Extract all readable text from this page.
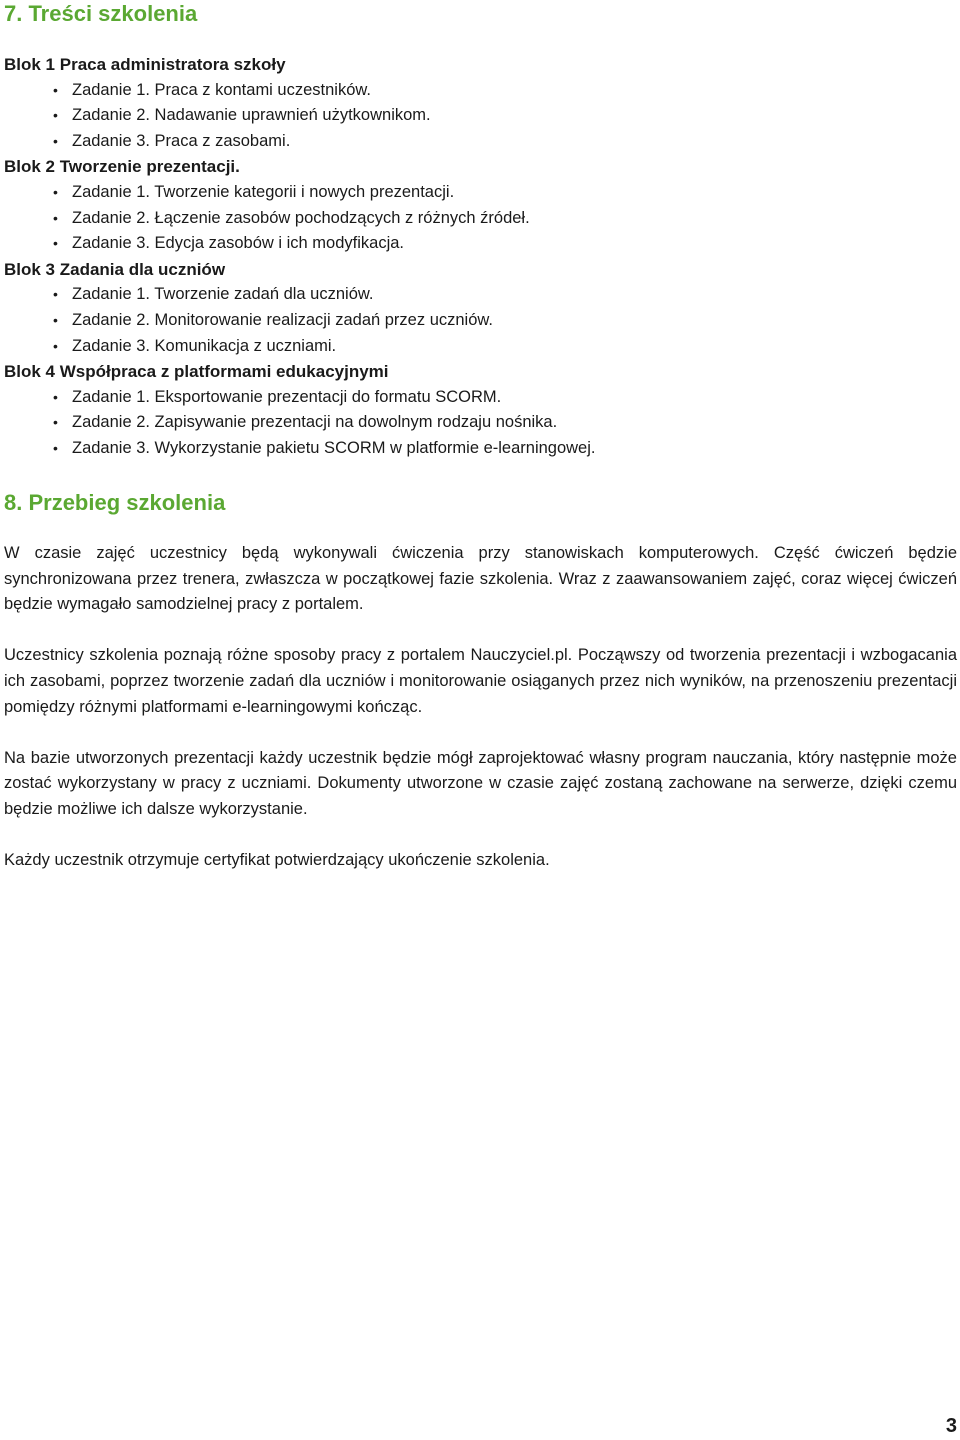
7. Treści szkolenia

Blok 1 Praca administratora szkoły

• Zadanie 1. Praca z kontami uczestników.
• Zadanie 2. Nadawanie uprawnień użytkownikom.
• Zadanie 3. Praca z zasobami.

Blok 2 Tworzenie prezentacji.

• Zadanie 1. Tworzenie kategorii i nowych prezentacji.
• Zadanie 2. Łączenie zasobów pochodzących z różnych źródeł.
• Zadanie 3. Edycja zasobów i ich modyfikacja.

Blok 3 Zadania dla uczniów

• Zadanie 1. Tworzenie zadań dla uczniów.
• Zadanie 2. Monitorowanie realizacji zadań przez uczniów.
• Zadanie 3. Komunikacja z uczniami.

Blok 4 Współpraca z platformami edukacyjnymi

• Zadanie 1. Eksportowanie prezentacji do formatu SCORM.
• Zadanie 2. Zapisywanie prezentacji na dowolnym rodzaju nośnika.
• Zadanie 3. Wykorzystanie pakietu SCORM w platformie e-learningowej.
8. Przebieg szkolenia

W czasie zajęć uczestnicy będą wykonywali ćwiczenia przy stanowiskach komputerowych. Część ćwiczeń będzie synchronizowana przez trenera, zwłaszcza w początkowej fazie szkolenia. Wraz z zaawansowaniem zajęć, coraz więcej ćwiczeń będzie wymagało samodzielnej pracy z portalem.

Uczestnicy szkolenia poznają różne sposoby pracy z portalem Nauczyciel.pl. Począwszy od tworzenia prezentacji i wzbogacania ich zasobami, poprzez tworzenie zadań dla uczniów i monitorowanie osiąganych przez nich wyników, na przenoszeniu prezentacji pomiędzy różnymi platformami e-learningowymi kończąc.

Na bazie utworzonych prezentacji każdy uczestnik będzie mógł zaprojektować własny program nauczania, który następnie może zostać wykorzystany w pracy z uczniami. Dokumenty utworzone w czasie zajęć zostaną zachowane na serwerze, dzięki czemu będzie możliwe ich dalsze wykorzystanie.

Każdy uczestnik otrzymuje certyfikat potwierdzający ukończenie szkolenia.

3
